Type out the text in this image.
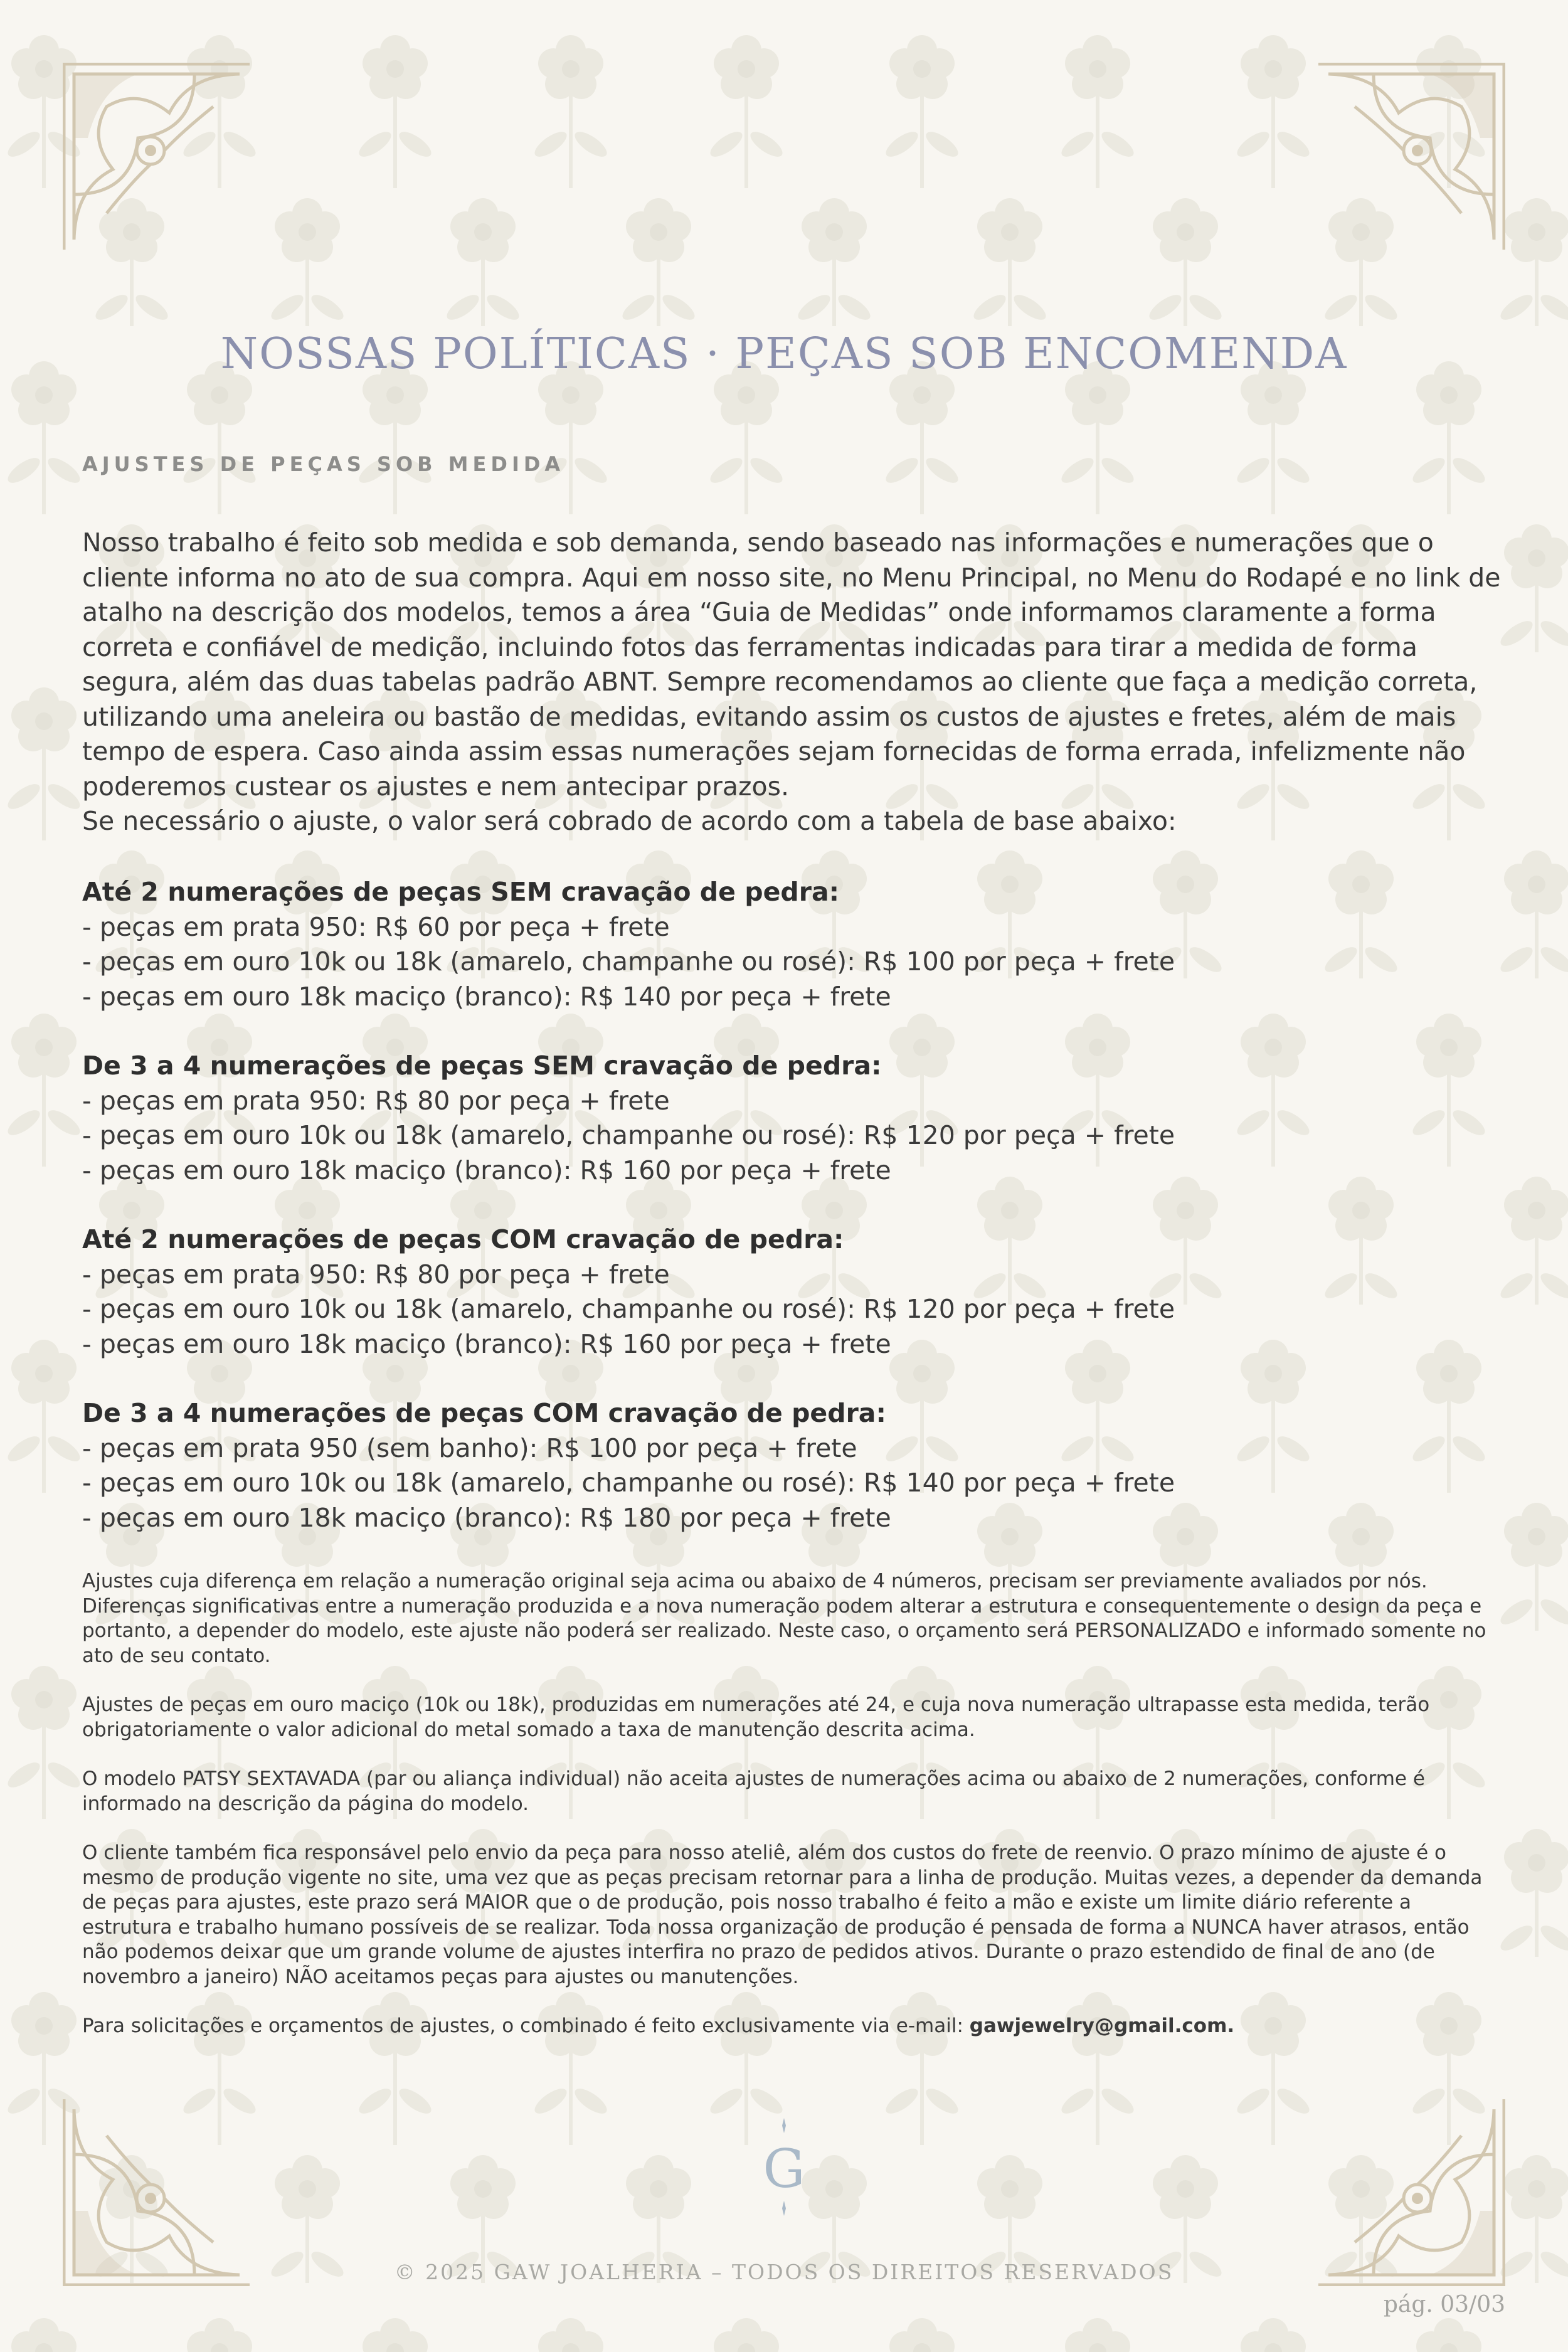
NOSSAS POLÍTICAS · PEÇAS SOB ENCOMENDA
AJUSTES DE PEÇAS SOB MEDIDA

Nosso trabalho é feito sob medida e sob demanda, sendo baseado nas informações e numerações que o cliente informa no ato de sua compra. Aqui em nosso site, no Menu Principal, no Menu do Rodapé e no link de atalho na descrição dos modelos, temos a área “Guia de Medidas” onde informamos claramente a forma correta e confiável de medição, incluindo fotos das ferramentas indicadas para tirar a medida de forma segura, além das duas tabelas padrão ABNT. Sempre recomendamos ao cliente que faça a medição correta, utilizando uma aneleira ou bastão de medidas, evitando assim os custos de ajustes e fretes, além de mais tempo de espera. Caso ainda assim essas numerações sejam fornecidas de forma errada, infelizmente não poderemos custear os ajustes e nem antecipar prazos.

Se necessário o ajuste, o valor será cobrado de acordo com a tabela de base abaixo:

Até 2 numerações de peças SEM cravação de pedra:
- peças em prata 950: R$ 60 por peça + frete
- peças em ouro 10k ou 18k (amarelo, champanhe ou rosé): R$ 100 por peça + frete
- peças em ouro 18k maciço (branco): R$ 140 por peça + frete
De 3 a 4 numerações de peças SEM cravação de pedra:
- peças em prata 950: R$ 80 por peça + frete
- peças em ouro 10k ou 18k (amarelo, champanhe ou rosé): R$ 120 por peça + frete
- peças em ouro 18k maciço (branco): R$ 160 por peça + frete
Até 2 numerações de peças COM cravação de pedra:
- peças em prata 950: R$ 80 por peça + frete
- peças em ouro 10k ou 18k (amarelo, champanhe ou rosé): R$ 120 por peça + frete
- peças em ouro 18k maciço (branco): R$ 160 por peça + frete
De 3 a 4 numerações de peças COM cravação de pedra:
- peças em prata 950 (sem banho): R$ 100 por peça + frete
- peças em ouro 10k ou 18k (amarelo, champanhe ou rosé): R$ 140 por peça + frete
- peças em ouro 18k maciço (branco): R$ 180 por peça + frete

Ajustes cuja diferença em relação a numeração original seja acima ou abaixo de 4 números, precisam ser previamente avaliados por nós. Diferenças significativas entre a numeração produzida e a nova numeração podem alterar a estrutura e consequentemente o design da peça e portanto, a depender do modelo, este ajuste não poderá ser realizado. Neste caso, o orçamento será PERSONALIZADO e informado somente no ato de seu contato.

Ajustes de peças em ouro maciço (10k ou 18k), produzidas em numerações até 24, e cuja nova numeração ultrapasse esta medida, terão obrigatoriamente o valor adicional do metal somado a taxa de manutenção descrita acima.

O modelo PATSY SEXTAVADA (par ou aliança individual) não aceita ajustes de numerações acima ou abaixo de 2 numerações, conforme é informado na descrição da página do modelo.

O cliente também fica responsável pelo envio da peça para nosso ateliê, além dos custos do frete de reenvio. O prazo mínimo de ajuste é o mesmo de produção vigente no site, uma vez que as peças precisam retornar para a linha de produção. Muitas vezes, a depender da demanda de peças para ajustes, este prazo será MAIOR que o de produção, pois nosso trabalho é feito a mão e existe um limite diário referente a estrutura e trabalho humano possíveis de se realizar. Toda nossa organização de produção é pensada de forma a NUNCA haver atrasos, então não podemos deixar que um grande volume de ajustes interfira no prazo de pedidos ativos. Durante o prazo estendido de final de ano (de novembro a janeiro) NÃO aceitamos peças para ajustes ou manutenções.

Para solicitações e orçamentos de ajustes, o combinado é feito exclusivamente via e-mail: gawjewelry@gmail.com.

G
© 2025 GAW JOALHERIA – TODOS OS DIREITOS RESERVADOS
pág. 03/03
